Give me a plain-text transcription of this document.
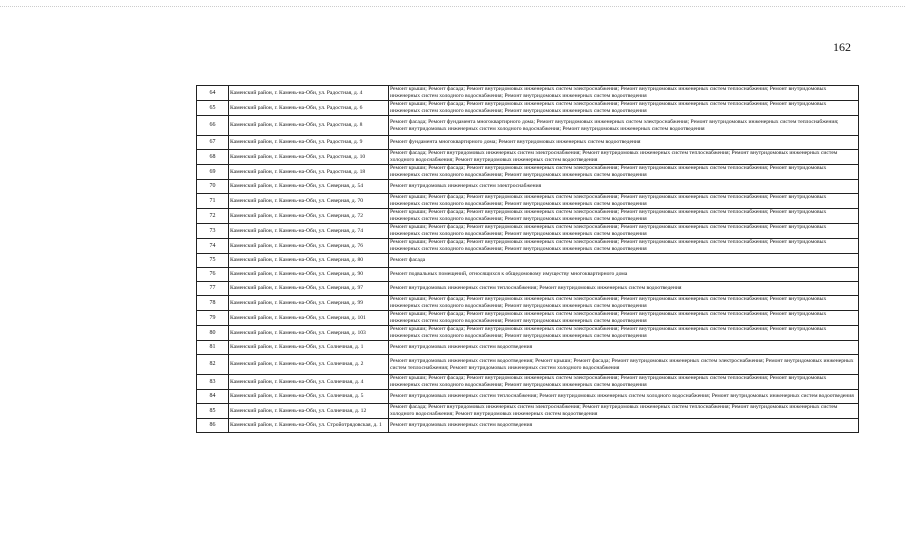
162
64	Каменский район, г. Камень-на-Оби, ул. Радостная, д. 4	Ремонт крыши; Ремонт фасада; Ремонт внутридомовых инженерных систем электроснабжения; Ремонт внутридомовых инженерных систем теплоснабжения; Ремонт внутридомовых инженерных систем холодного водоснабжения; Ремонт внутридомовых инженерных систем водоотведения
65	Каменский район, г. Камень-на-Оби, ул. Радостная, д. 6	Ремонт крыши; Ремонт фасада; Ремонт внутридомовых инженерных систем электроснабжения; Ремонт внутридомовых инженерных систем теплоснабжения; Ремонт внутридомовых инженерных систем холодного водоснабжения; Ремонт внутридомовых инженерных систем водоотведения
66	Каменский район, г. Камень-на-Оби, ул. Радостная, д. 8	Ремонт фасада; Ремонт фундамента многоквартирного дома; Ремонт внутридомовых инженерных систем электроснабжения; Ремонт внутридомовых инженерных систем теплоснабжения; Ремонт внутридомовых инженерных систем холодного водоснабжения; Ремонт внутридомовых инженерных систем водоотведения
67	Каменский район, г. Камень-на-Оби, ул. Радостная, д. 9	Ремонт фундамента многоквартирного дома; Ремонт внутридомовых инженерных систем водоотведения
68	Каменский район, г. Камень-на-Оби, ул. Радостная, д. 10	Ремонт фасада; Ремонт внутридомовых инженерных систем электроснабжения; Ремонт внутридомовых инженерных систем теплоснабжения; Ремонт внутридомовых инженерных систем холодного водоснабжения; Ремонт внутридомовых инженерных систем водоотведения
69	Каменский район, г. Камень-на-Оби, ул. Радостная, д. 18	Ремонт крыши; Ремонт фасада; Ремонт внутридомовых инженерных систем электроснабжения; Ремонт внутридомовых инженерных систем теплоснабжения; Ремонт внутридомовых инженерных систем холодного водоснабжения; Ремонт внутридомовых инженерных систем водоотведения
70	Каменский район, г. Камень-на-Оби, ул. Северная, д. 54	Ремонт внутридомовых инженерных систем электроснабжения
71	Каменский район, г. Камень-на-Оби, ул. Северная, д. 70	Ремонт крыши; Ремонт фасада; Ремонт внутридомовых инженерных систем электроснабжения; Ремонт внутридомовых инженерных систем теплоснабжения; Ремонт внутридомовых инженерных систем холодного водоснабжения; Ремонт внутридомовых инженерных систем водоотведения
72	Каменский район, г. Камень-на-Оби, ул. Северная, д. 72	Ремонт крыши; Ремонт фасада; Ремонт внутридомовых инженерных систем электроснабжения; Ремонт внутридомовых инженерных систем теплоснабжения; Ремонт внутридомовых инженерных систем холодного водоснабжения; Ремонт внутридомовых инженерных систем водоотведения
73	Каменский район, г. Камень-на-Оби, ул. Северная, д. 74	Ремонт крыши; Ремонт фасада; Ремонт внутридомовых инженерных систем электроснабжения; Ремонт внутридомовых инженерных систем теплоснабжения; Ремонт внутридомовых инженерных систем холодного водоснабжения; Ремонт внутридомовых инженерных систем водоотведения
74	Каменский район, г. Камень-на-Оби, ул. Северная, д. 76	Ремонт крыши; Ремонт фасада; Ремонт внутридомовых инженерных систем электроснабжения; Ремонт внутридомовых инженерных систем теплоснабжения; Ремонт внутридомовых инженерных систем холодного водоснабжения; Ремонт внутридомовых инженерных систем водоотведения
75	Каменский район, г. Камень-на-Оби, ул. Северная, д. 80	Ремонт фасада
76	Каменский район, г. Камень-на-Оби, ул. Северная, д. 90	Ремонт подвальных помещений, относящихся к общедомовому имуществу многоквартирного дома
77	Каменский район, г. Камень-на-Оби, ул. Северная, д. 97	Ремонт внутридомовых инженерных систем теплоснабжения; Ремонт внутридомовых инженерных систем водоотведения
78	Каменский район, г. Камень-на-Оби, ул. Северная, д. 99	Ремонт крыши; Ремонт фасада; Ремонт внутридомовых инженерных систем электроснабжения; Ремонт внутридомовых инженерных систем теплоснабжения; Ремонт внутридомовых инженерных систем холодного водоснабжения; Ремонт внутридомовых инженерных систем водоотведения
79	Каменский район, г. Камень-на-Оби, ул. Северная, д. 101	Ремонт крыши; Ремонт фасада; Ремонт внутридомовых инженерных систем электроснабжения; Ремонт внутридомовых инженерных систем теплоснабжения; Ремонт внутридомовых инженерных систем холодного водоснабжения; Ремонт внутридомовых инженерных систем водоотведения
80	Каменский район, г. Камень-на-Оби, ул. Северная, д. 103	Ремонт крыши; Ремонт фасада; Ремонт внутридомовых инженерных систем электроснабжения; Ремонт внутридомовых инженерных систем теплоснабжения; Ремонт внутридомовых инженерных систем холодного водоснабжения; Ремонт внутридомовых инженерных систем водоотведения
81	Каменский район, г. Камень-на-Оби, ул. Солнечная, д. 1	Ремонт внутридомовых инженерных систем водоотведения
82	Каменский район, г. Камень-на-Оби, ул. Солнечная, д. 2	Ремонт внутридомовых инженерных систем водоотведения; Ремонт крыши; Ремонт фасада; Ремонт внутридомовых инженерных систем электроснабжения; Ремонт внутридомовых инженерных систем теплоснабжения; Ремонт внутридомовых инженерных систем холодного водоснабжения
83	Каменский район, г. Камень-на-Оби, ул. Солнечная, д. 4	Ремонт крыши; Ремонт фасада; Ремонт внутридомовых инженерных систем электроснабжения; Ремонт внутридомовых инженерных систем теплоснабжения; Ремонт внутридомовых инженерных систем холодного водоснабжения; Ремонт внутридомовых инженерных систем водоотведения
84	Каменский район, г. Камень-на-Оби, ул. Солнечная, д. 5	Ремонт внутридомовых инженерных систем теплоснабжения; Ремонт внутридомовых инженерных систем холодного водоснабжения; Ремонт внутридомовых инженерных систем водоотведения
85	Каменский район, г. Камень-на-Оби, ул. Солнечная, д. 12	Ремонт фасада; Ремонт внутридомовых инженерных систем электроснабжения; Ремонт внутридомовых инженерных систем теплоснабжения; Ремонт внутридомовых инженерных систем холодного водоснабжения; Ремонт внутридомовых инженерных систем водоотведения
86	Каменский район, г. Камень-на-Оби, ул. Стройотрядовская, д. 1	Ремонт внутридомовых инженерных систем водоотведения
